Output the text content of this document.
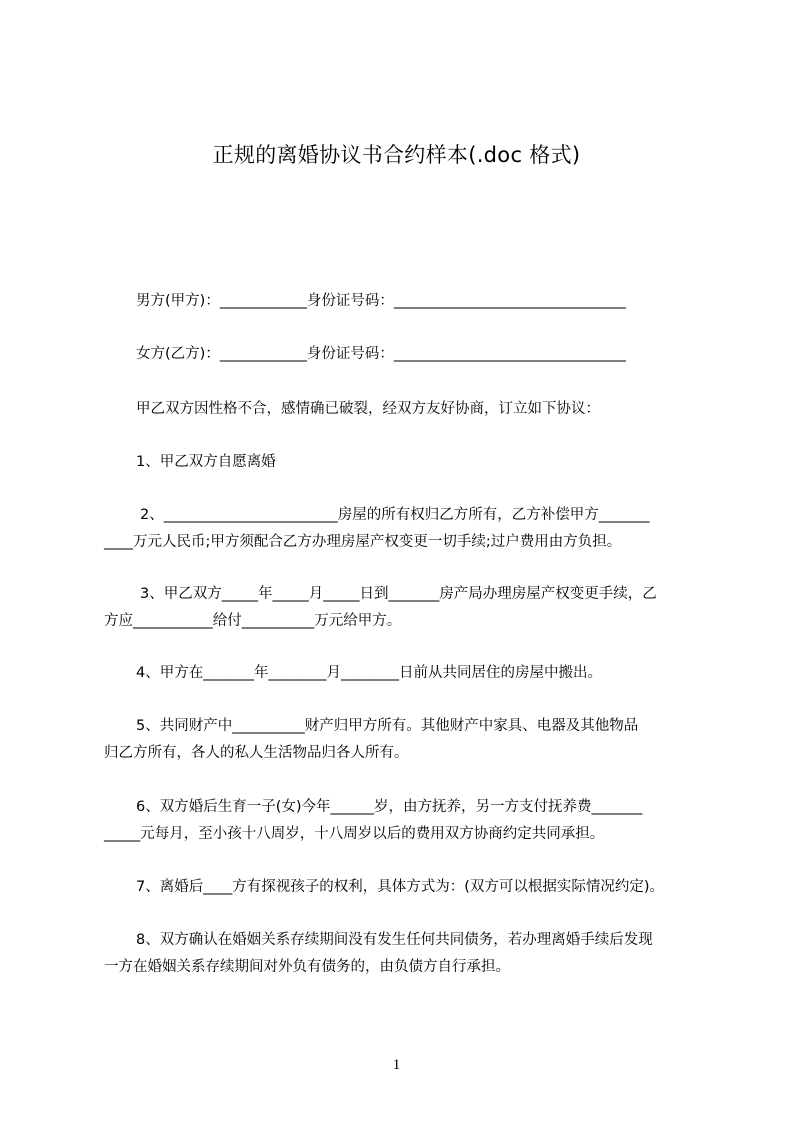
正规的离婚协议书合约样本(.doc 格式)
男方(甲方)：____________身份证号码：________________________________
女方(乙方)：____________身份证号码：________________________________
甲乙双方因性格不合，感情确已破裂，经双方友好协商，订立如下协议：
1、甲乙双方自愿离婚
2、________________________房屋的所有权归乙方所有，乙方补偿甲方_______
____万元人民币;甲方须配合乙方办理房屋产权变更一切手续;过户费用由方负担。
3、甲乙双方_____年_____月_____日到_______房产局办理房屋产权变更手续，乙
方应___________给付__________万元给甲方。
4、甲方在_______年________月________日前从共同居住的房屋中搬出。
5、共同财产中__________财产归甲方所有。其他财产中家具、电器及其他物品
归乙方所有，各人的私人生活物品归各人所有。
6、双方婚后生育一子(女)今年______岁，由方抚养，另一方支付抚养费_______
_____元每月，至小孩十八周岁，十八周岁以后的费用双方协商约定共同承担。
7、离婚后____方有探视孩子的权利，具体方式为：(双方可以根据实际情况约定)。
8、双方确认在婚姻关系存续期间没有发生任何共同债务，若办理离婚手续后发现
一方在婚姻关系存续期间对外负有债务的，由负债方自行承担。
1
